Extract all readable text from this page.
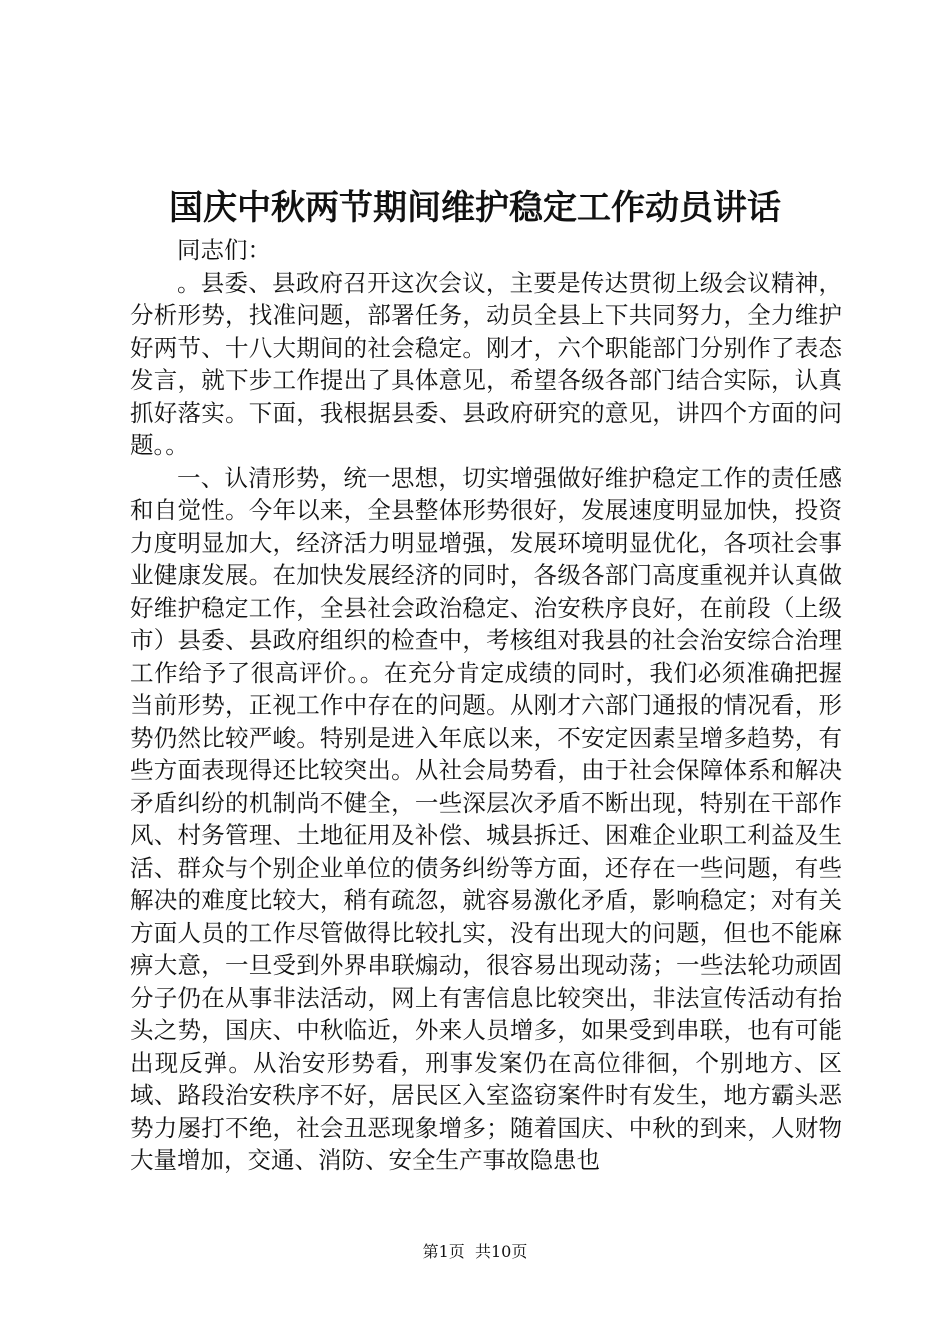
国庆中秋两节期间维护稳定工作动员讲话

同志们：

。县委、县政府召开这次会议，主要是传达贯彻上级会议精神，分析形势，找准问题，部署任务，动员全县上下共同努力，全力维护好两节、十八大期间的社会稳定。刚才，六个职能部门分别作了表态发言，就下步工作提出了具体意见，希望各级各部门结合实际，认真抓好落实。下面，我根据县委、县政府研究的意见，讲四个方面的问题。。

一、认清形势，统一思想，切实增强做好维护稳定工作的责任感和自觉性。今年以来，全县整体形势很好，发展速度明显加快，投资力度明显加大，经济活力明显增强，发展环境明显优化，各项社会事业健康发展。在加快发展经济的同时，各级各部门高度重视并认真做好维护稳定工作，全县社会政治稳定、治安秩序良好，在前段（上级市）县委、县政府组织的检查中，考核组对我县的社会治安综合治理工作给予了很高评价。。在充分肯定成绩的同时，我们必须准确把握当前形势，正视工作中存在的问题。从刚才六部门通报的情况看，形势仍然比较严峻。特别是进入年底以来，不安定因素呈增多趋势，有些方面表现得还比较突出。从社会局势看，由于社会保障体系和解决矛盾纠纷的机制尚不健全，一些深层次矛盾不断出现，特别在干部作风、村务管理、土地征用及补偿、城县拆迁、困难企业职工利益及生活、群众与个别企业单位的债务纠纷等方面，还存在一些问题，有些解决的难度比较大，稍有疏忽，就容易激化矛盾，影响稳定；对有关方面人员的工作尽管做得比较扎实，没有出现大的问题，但也不能麻痹大意，一旦受到外界串联煽动，很容易出现动荡；一些法轮功顽固分子仍在从事非法活动，网上有害信息比较突出，非法宣传活动有抬头之势，国庆、中秋临近，外来人员增多，如果受到串联，也有可能出现反弹。从治安形势看，刑事发案仍在高位徘徊，个别地方、区域、路段治安秩序不好，居民区入室盗窃案件时有发生，地方霸头恶势力屡打不绝，社会丑恶现象增多；随着国庆、中秋的到来，人财物大量增加，交通、消防、安全生产事故隐患也

第1页 共10页
